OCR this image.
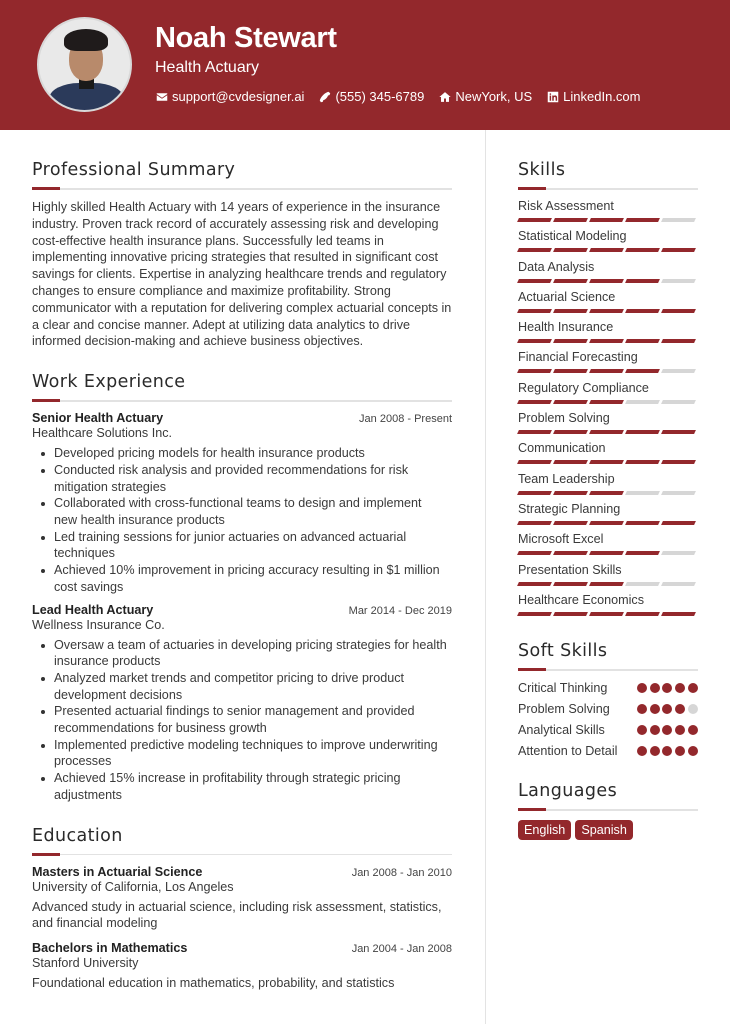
Noah Stewart
Health Actuary
support@cvdesigner.ai (555) 345-6789 NewYork, US LinkedIn.com
Professional Summary
Highly skilled Health Actuary with 14 years of experience in the insurance industry. Proven track record of accurately assessing risk and developing cost-effective health insurance plans. Successfully led teams in implementing innovative pricing strategies that resulted in significant cost savings for clients. Expertise in analyzing healthcare trends and regulatory changes to ensure compliance and maximize profitability. Strong communicator with a reputation for delivering complex actuarial concepts in a clear and concise manner. Adept at utilizing data analytics to drive informed decision-making and achieve business objectives.
Work Experience
Senior Health Actuary	Jan 2008 - Present
Healthcare Solutions Inc.
Developed pricing models for health insurance products
Conducted risk analysis and provided recommendations for risk mitigation strategies
Collaborated with cross-functional teams to design and implement new health insurance products
Led training sessions for junior actuaries on advanced actuarial techniques
Achieved 10% improvement in pricing accuracy resulting in $1 million cost savings
Lead Health Actuary	Mar 2014 - Dec 2019
Wellness Insurance Co.
Oversaw a team of actuaries in developing pricing strategies for health insurance products
Analyzed market trends and competitor pricing to drive product development decisions
Presented actuarial findings to senior management and provided recommendations for business growth
Implemented predictive modeling techniques to improve underwriting processes
Achieved 15% increase in profitability through strategic pricing adjustments
Education
Masters in Actuarial Science	Jan 2008 - Jan 2010
University of California, Los Angeles
Advanced study in actuarial science, including risk assessment, statistics, and financial modeling
Bachelors in Mathematics	Jan 2004 - Jan 2008
Stanford University
Foundational education in mathematics, probability, and statistics
Skills
Risk Assessment
Statistical Modeling
Data Analysis
Actuarial Science
Health Insurance
Financial Forecasting
Regulatory Compliance
Problem Solving
Communication
Team Leadership
Strategic Planning
Microsoft Excel
Presentation Skills
Healthcare Economics
Soft Skills
Critical Thinking
Problem Solving
Analytical Skills
Attention to Detail
Languages
English	Spanish
